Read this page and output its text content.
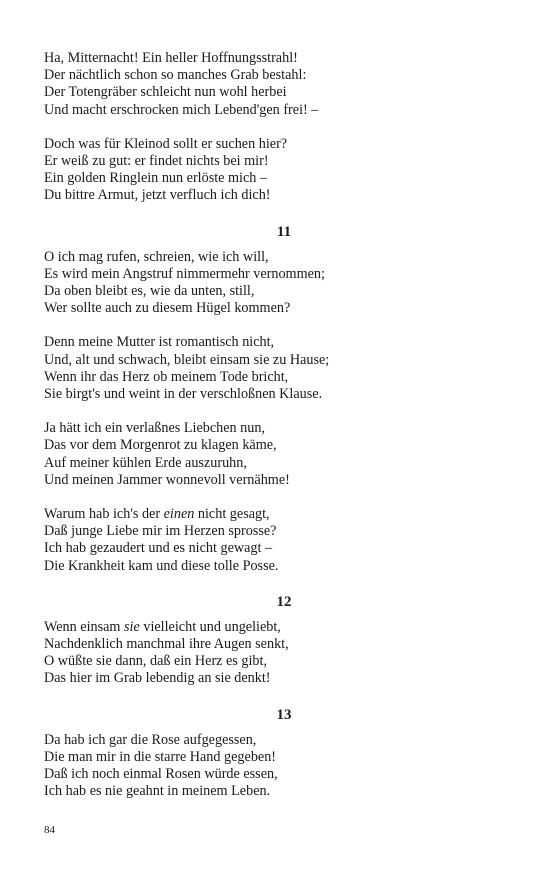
Ha, Mitternacht! Ein heller Hoffnungsstrahl!
Der nächtlich schon so manches Grab bestahl:
Der Totengräber schleicht nun wohl herbei
Und macht erschrocken mich Lebend'gen frei! –
Doch was für Kleinod sollt er suchen hier?
Er weiß zu gut: er findet nichts bei mir!
Ein golden Ringlein nun erlöste mich –
Du bittre Armut, jetzt verfluch ich dich!
11
O ich mag rufen, schreien, wie ich will,
Es wird mein Angstruf nimmermehr vernommen;
Da oben bleibt es, wie da unten, still,
Wer sollte auch zu diesem Hügel kommen?
Denn meine Mutter ist romantisch nicht,
Und, alt und schwach, bleibt einsam sie zu Hause;
Wenn ihr das Herz ob meinem Tode bricht,
Sie birgt's und weint in der verschloßnen Klause.
Ja hätt ich ein verlaßnes Liebchen nun,
Das vor dem Morgenrot zu klagen käme,
Auf meiner kühlen Erde auszuruhn,
Und meinen Jammer wonnevoll vernähme!
Warum hab ich's der einen nicht gesagt,
Daß junge Liebe mir im Herzen sprosse?
Ich hab gezaudert und es nicht gewagt –
Die Krankheit kam und diese tolle Posse.
12
Wenn einsam sie vielleicht und ungeliebt,
Nachdenklich manchmal ihre Augen senkt,
O wüßte sie dann, daß ein Herz es gibt,
Das hier im Grab lebendig an sie denkt!
13
Da hab ich gar die Rose aufgegessen,
Die man mir in die starre Hand gegeben!
Daß ich noch einmal Rosen würde essen,
Ich hab es nie geahnt in meinem Leben.
84
